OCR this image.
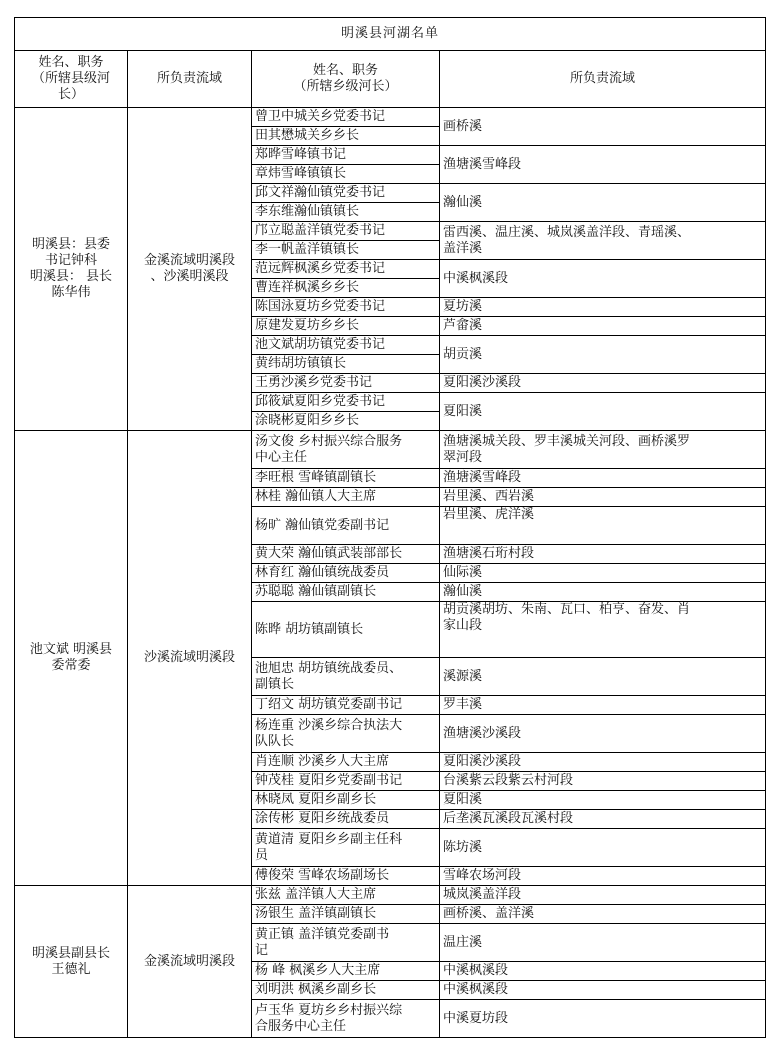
明溪县河湖名单			

姓名、职务
（所辖县级河
长）	所负责流域	姓名、职务
（所辖乡级河长）	所负责流域

明溪县：县委
书记钟科
明溪县： 县长
陈华伟	金溪流域明溪段
、沙溪明溪段	曾卫中城关乡党委书记
田其懋城关乡乡长	画桥溪

		郑晔雪峰镇书记
章炜雪峰镇镇长	渔塘溪雪峰段

		邱文祥瀚仙镇党委书记
李东维瀚仙镇镇长	瀚仙溪

		邝立聪盖洋镇党委书记
李一帆盖洋镇镇长	雷西溪、温庄溪、城岚溪盖洋段、青瑶溪、
盖洋溪

		范远辉枫溪乡党委书记
曹连祥枫溪乡乡长	中溪枫溪段

		陈国泳夏坊乡党委书记	夏坊溪

		原建发夏坊乡乡长	芦畲溪

		池文斌胡坊镇党委书记
黄纬胡坊镇镇长	胡贡溪

		王勇沙溪乡党委书记	夏阳溪沙溪段

		邱筱斌夏阳乡党委书记
涂晓彬夏阳乡乡长	夏阳溪

池文斌 明溪县
委常委	沙溪流域明溪段	汤文俊 乡村振兴综合服务
中心主任	渔塘溪城关段、罗丰溪城关河段、画桥溪罗
翠河段

		李旺根 雪峰镇副镇长	渔塘溪雪峰段

		林桂 瀚仙镇人大主席	岩里溪、西岩溪

		杨旷 瀚仙镇党委副书记	岩里溪、虎洋溪

		黄大荣 瀚仙镇武装部部长	渔塘溪石珩村段

		林育红 瀚仙镇统战委员	仙际溪

		苏聪聪 瀚仙镇副镇长	瀚仙溪

		陈晔 胡坊镇副镇长	胡贡溪胡坊、朱南、瓦口、柏亨、奋发、肖
家山段

		池旭忠 胡坊镇统战委员、
副镇长	溪源溪

		丁绍文 胡坊镇党委副书记	罗丰溪

		杨连重 沙溪乡综合执法大
队队长	渔塘溪沙溪段

		肖连顺 沙溪乡人大主席	夏阳溪沙溪段

		钟茂桂 夏阳乡党委副书记	台溪紫云段紫云村河段

		林晓凤 夏阳乡副乡长	夏阳溪

		涂传彬 夏阳乡统战委员	后垄溪瓦溪段瓦溪村段

		黄道清 夏阳乡乡副主任科
员	陈坊溪

		傅俊荣 雪峰农场副场长	雪峰农场河段

明溪县副县长
王德礼	金溪流域明溪段	张兹 盖洋镇人大主席	城岚溪盖洋段

		汤银生 盖洋镇副镇长	画桥溪、盖洋溪

		黄正镇 盖洋镇党委副书
记	温庄溪

		杨 峰 枫溪乡人大主席	中溪枫溪段

		刘明洪 枫溪乡副乡长	中溪枫溪段

		卢玉华 夏坊乡乡村振兴综
合服务中心主任	中溪夏坊段
